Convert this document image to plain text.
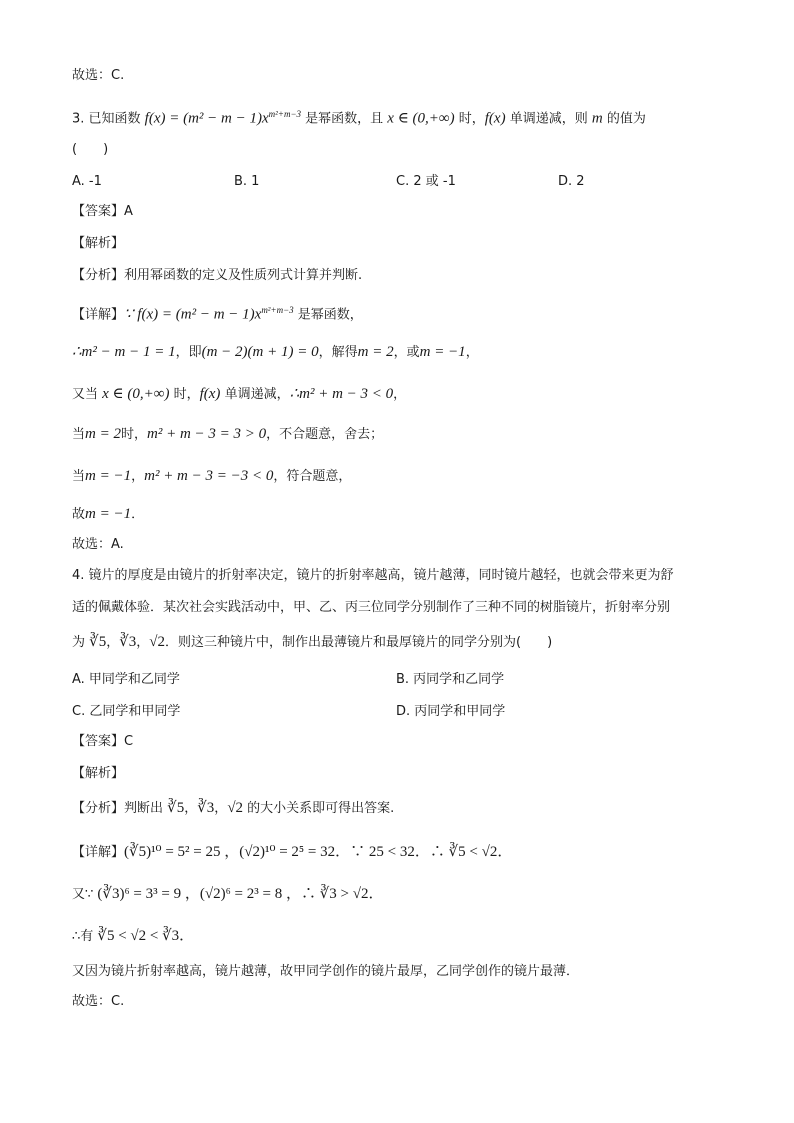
故选：C.
3. 已知函数 $f(x) = (m^2 - m - 1)x^{m^2+m-3}$ 是幂函数，且 x ∈ (0,+∞) 时，f(x) 单调递减，则 m 的值为
(　　)
A. -1	B. 1	C. 2 或 -1	D. 2
【答案】A
【解析】
【分析】利用幂函数的定义及性质列式计算并判断.
【详解】∵ $f(x) = (m^2 - m - 1)x^{m^2+m-3}$ 是幂函数，
∴m² − m − 1 = 1，即(m − 2)(m + 1) = 0，解得m = 2，或m = −1，
又当 x ∈ (0,+∞) 时，f(x) 单调递减，∴m² + m − 3 < 0，
当m = 2时，m² + m − 3 = 3 > 0，不合题意，舍去；
当m = −1，m² + m − 3 = −3 < 0，符合题意，
故m = −1．
故选：A.
4. 镜片的厚度是由镜片的折射率决定，镜片的折射率越高，镜片越薄，同时镜片越轻，也就会带来更为舒
适的佩戴体验．某次社会实践活动中，甲、乙、丙三位同学分别制作了三种不同的树脂镜片，折射率分别
为 ∛5，∛3，√2．则这三种镜片中，制作出最薄镜片和最厚镜片的同学分别为(　　)
A. 甲同学和乙同学	B. 丙同学和乙同学
C. 乙同学和甲同学	D. 丙同学和甲同学
【答案】C
【解析】
【分析】判断出 ∛5，∛3，√2 的大小关系即可得出答案.
【详解】(∛5)¹⁰ = 5² = 25 ，(√2)¹⁰ = 2⁵ = 32．∵ 25 < 32．∴ ∛5 < √2．
又∵ (∛3)⁶ = 3³ = 9 ，(√2)⁶ = 2³ = 8 ，∴ ∛3 > √2．
∴有 ∛5 < √2 < ∛3．
又因为镜片折射率越高，镜片越薄，故甲同学创作的镜片最厚，乙同学创作的镜片最薄．
故选：C.
